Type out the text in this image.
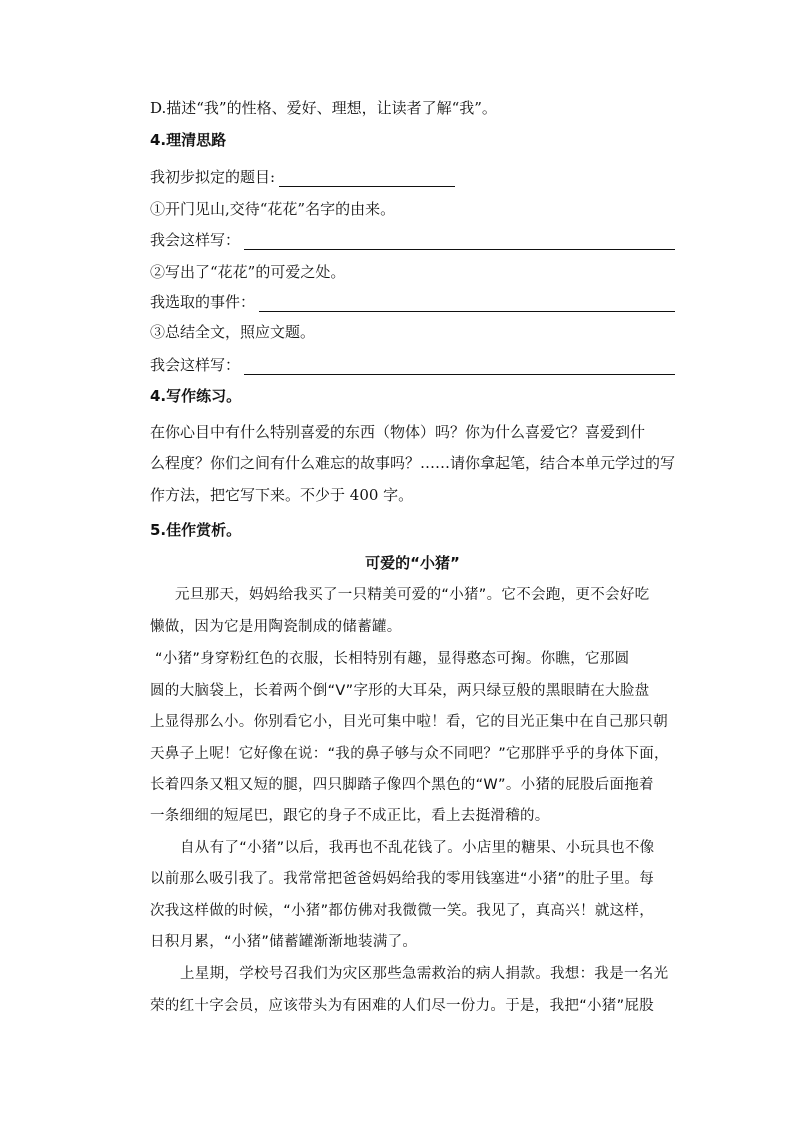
D.描述“我”的性格、爱好、理想，让读者了解“我”。
4.理清思路
我初步拟定的题目:
①开门见山,交待“花花”名字的由来。
我会这样写：
②写出了“花花”的可爱之处。
我选取的事件：
③总结全文，照应文题。
我会这样写：
4.写作练习。
在你心目中有什么特别喜爱的东西（物体）吗？你为什么喜爱它？喜爱到什
么程度？你们之间有什么难忘的故事吗？……请你拿起笔，结合本单元学过的写
作方法，把它写下来。不少于 400 字。
5.佳作赏析。
可爱的“小猪”
元旦那天，妈妈给我买了一只精美可爱的“小猪”。它不会跑，更不会好吃
懒做，因为它是用陶瓷制成的储蓄罐。
“小猪”身穿粉红色的衣服，长相特别有趣，显得憨态可掬。你瞧，它那圆
圆的大脑袋上，长着两个倒“V”字形的大耳朵，两只绿豆般的黑眼睛在大脸盘
上显得那么小。你别看它小，目光可集中啦！看，它的目光正集中在自己那只朝
天鼻子上呢！它好像在说：“我的鼻子够与众不同吧？”它那胖乎乎的身体下面，
长着四条又粗又短的腿，四只脚踏子像四个黑色的“W”。小猪的屁股后面拖着
一条细细的短尾巴，跟它的身子不成正比，看上去挺滑稽的。
自从有了“小猪”以后，我再也不乱花钱了。小店里的糖果、小玩具也不像
以前那么吸引我了。我常常把爸爸妈妈给我的零用钱塞进“小猪”的肚子里。每
次我这样做的时候，“小猪”都仿佛对我微微一笑。我见了，真高兴！就这样，
日积月累，“小猪”储蓄罐渐渐地装满了。
上星期，学校号召我们为灾区那些急需救治的病人捐款。我想：我是一名光
荣的红十字会员，应该带头为有困难的人们尽一份力。于是，我把“小猪”屁股
